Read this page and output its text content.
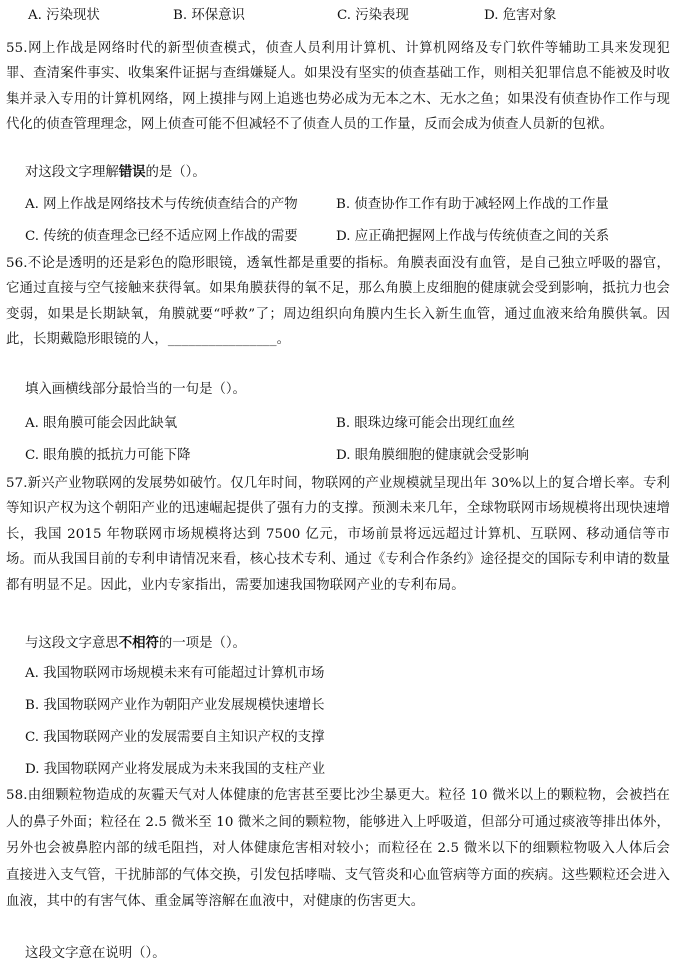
A. 污染现状	B. 环保意识	C. 污染表现	D. 危害对象
55.网上作战是网络时代的新型侦查模式，侦查人员利用计算机、计算机网络及专门软件等辅助工具来发现犯罪、查清案件事实、收集案件证据与查缉嫌疑人。如果没有坚实的侦查基础工作，则相关犯罪信息不能被及时收集并录入专用的计算机网络，网上摸排与网上追逃也势必成为无本之木、无水之鱼；如果没有侦查协作工作与现代化的侦查管理理念，网上侦查可能不但减轻不了侦查人员的工作量，反而会成为侦查人员新的包袱。
对这段文字理解错误的是（）。
A. 网上作战是网络技术与传统侦查结合的产物	B. 侦查协作工作有助于减轻网上作战的工作量
C. 传统的侦查理念已经不适应网上作战的需要	D. 应正确把握网上作战与传统侦查之间的关系
56.不论是透明的还是彩色的隐形眼镜，透氧性都是重要的指标。角膜表面没有血管，是自己独立呼吸的器官，它通过直接与空气接触来获得氧。如果角膜获得的氧不足，那么角膜上皮细胞的健康就会受到影响，抵抗力也会变弱，如果是长期缺氧，角膜就要“呼救”了；周边组织向角膜内生长入新生血管，通过血液来给角膜供氧。因此，长期戴隐形眼镜的人，________________。
填入画横线部分最恰当的一句是（）。
A. 眼角膜可能会因此缺氧	B. 眼珠边缘可能会出现红血丝
C. 眼角膜的抵抗力可能下降	D. 眼角膜细胞的健康就会受影响
57.新兴产业物联网的发展势如破竹。仅几年时间，物联网的产业规模就呈现出年 30%以上的复合增长率。专利等知识产权为这个朝阳产业的迅速崛起提供了强有力的支撑。预测未来几年，全球物联网市场规模将出现快速增长，我国 2015 年物联网市场规模将达到 7500 亿元，市场前景将远远超过计算机、互联网、移动通信等市场。而从我国目前的专利申请情况来看，核心技术专利、通过《专利合作条约》途径提交的国际专利申请的数量都有明显不足。因此，业内专家指出，需要加速我国物联网产业的专利布局。
与这段文字意思不相符的一项是（）。
A. 我国物联网市场规模未来有可能超过计算机市场
B. 我国物联网产业作为朝阳产业发展规模快速增长
C. 我国物联网产业的发展需要自主知识产权的支撑
D. 我国物联网产业将发展成为未来我国的支柱产业
58.由细颗粒物造成的灰霾天气对人体健康的危害甚至要比沙尘暴更大。粒径 10 微米以上的颗粒物，会被挡在人的鼻子外面；粒径在 2.5 微米至 10 微米之间的颗粒物，能够进入上呼吸道，但部分可通过痰液等排出体外，另外也会被鼻腔内部的绒毛阻挡，对人体健康危害相对较小；而粒径在 2.5 微米以下的细颗粒物吸入人体后会直接进入支气管，干扰肺部的气体交换，引发包括哮喘、支气管炎和心血管病等方面的疾病。这些颗粒还会进入血液，其中的有害气体、重金属等溶解在血液中，对健康的伤害更大。
这段文字意在说明（）。
